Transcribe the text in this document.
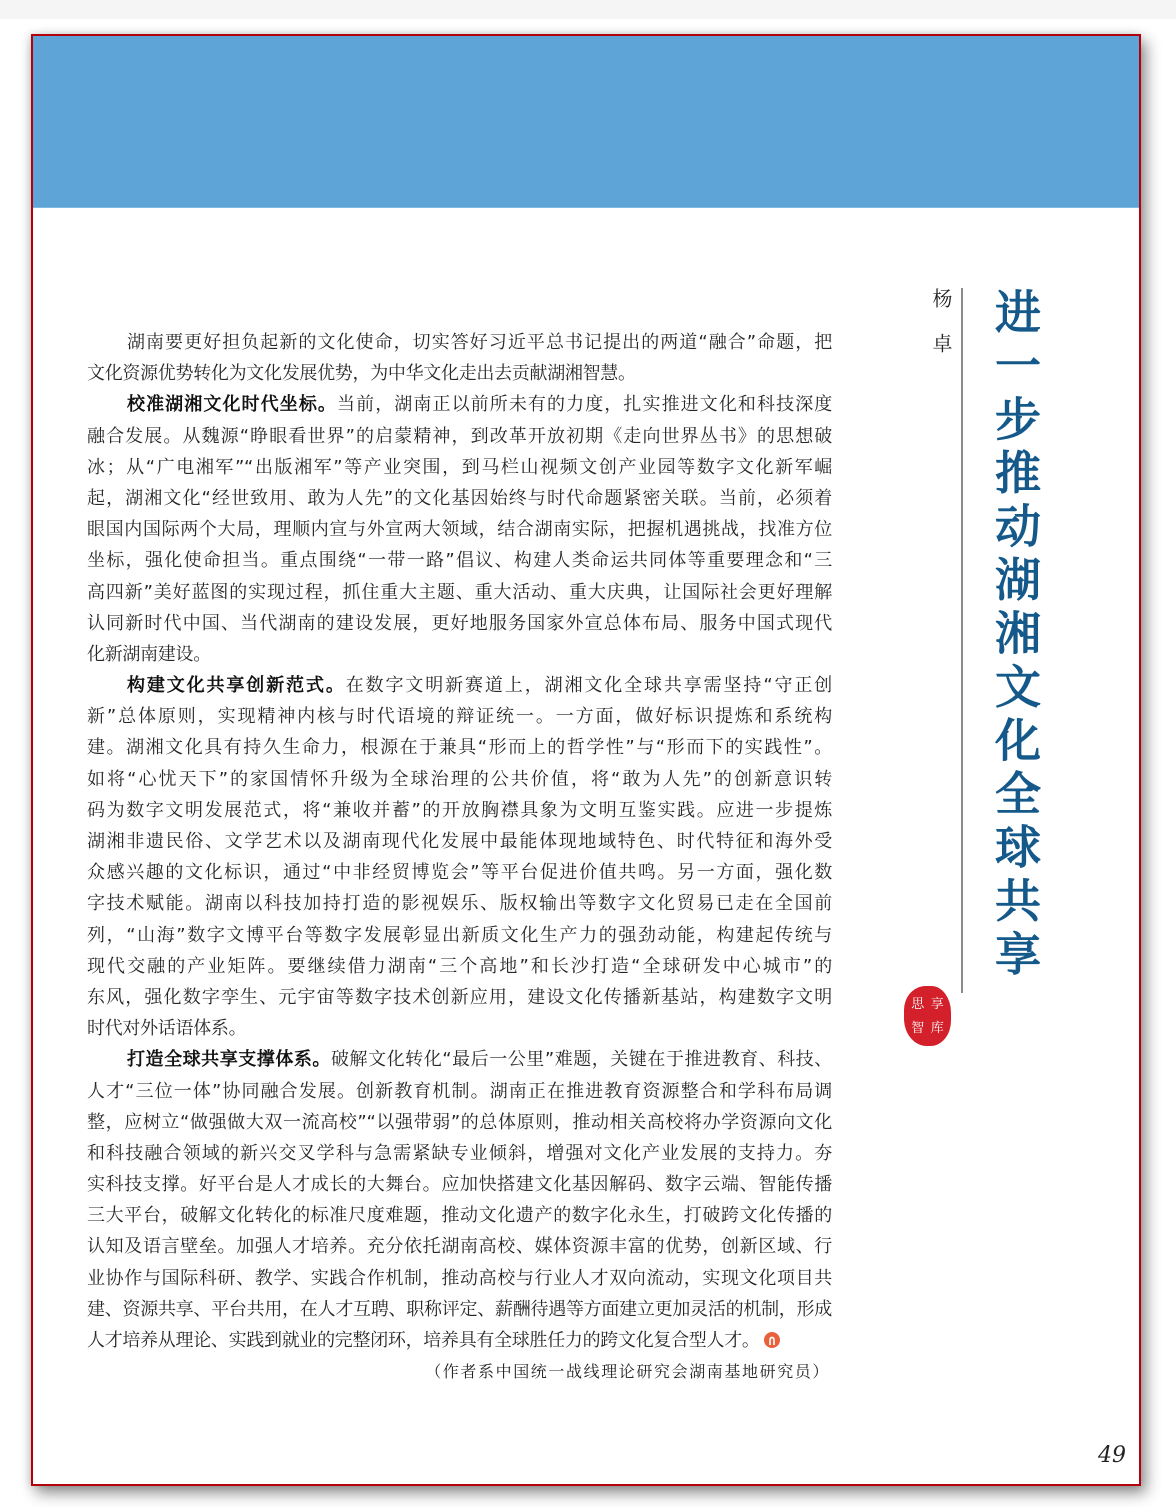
进一步推动湖湘文化全球共享
杨卓
思 享
智 库
湖南要更好担负起新的文化使命，切实答好习近平总书记提出的两道“融合”命题，把
文化资源优势转化为文化发展优势，为中华文化走出去贡献湖湘智慧。
校准湖湘文化时代坐标。当前，湖南正以前所未有的力度，扎实推进文化和科技深度
融合发展。从魏源“睁眼看世界”的启蒙精神，到改革开放初期《走向世界丛书》的思想破
冰；从“广电湘军”“出版湘军”等产业突围，到马栏山视频文创产业园等数字文化新军崛
起，湖湘文化“经世致用、敢为人先”的文化基因始终与时代命题紧密关联。当前，必须着
眼国内国际两个大局，理顺内宣与外宣两大领域，结合湖南实际，把握机遇挑战，找准方位
坐标，强化使命担当。重点围绕“一带一路”倡议、构建人类命运共同体等重要理念和“三
高四新”美好蓝图的实现过程，抓住重大主题、重大活动、重大庆典，让国际社会更好理解
认同新时代中国、当代湖南的建设发展，更好地服务国家外宣总体布局、服务中国式现代
化新湖南建设。
构建文化共享创新范式。在数字文明新赛道上，湖湘文化全球共享需坚持“守正创
新”总体原则，实现精神内核与时代语境的辩证统一。一方面，做好标识提炼和系统构
建。湖湘文化具有持久生命力，根源在于兼具“形而上的哲学性”与“形而下的实践性”。
如将“心忧天下”的家国情怀升级为全球治理的公共价值，将“敢为人先”的创新意识转
码为数字文明发展范式，将“兼收并蓄”的开放胸襟具象为文明互鉴实践。应进一步提炼
湖湘非遗民俗、文学艺术以及湖南现代化发展中最能体现地域特色、时代特征和海外受
众感兴趣的文化标识，通过“中非经贸博览会”等平台促进价值共鸣。另一方面，强化数
字技术赋能。湖南以科技加持打造的影视娱乐、版权输出等数字文化贸易已走在全国前
列，“山海”数字文博平台等数字发展彰显出新质文化生产力的强劲动能，构建起传统与
现代交融的产业矩阵。要继续借力湖南“三个高地”和长沙打造“全球研发中心城市”的
东风，强化数字孪生、元宇宙等数字技术创新应用，建设文化传播新基站，构建数字文明
时代对外话语体系。
打造全球共享支撑体系。破解文化转化“最后一公里”难题，关键在于推进教育、科技、
人才“三位一体”协同融合发展。创新教育机制。湖南正在推进教育资源整合和学科布局调
整，应树立“做强做大双一流高校”“以强带弱”的总体原则，推动相关高校将办学资源向文化
和科技融合领域的新兴交叉学科与急需紧缺专业倾斜，增强对文化产业发展的支持力。夯
实科技支撑。好平台是人才成长的大舞台。应加快搭建文化基因解码、数字云端、智能传播
三大平台，破解文化转化的标准尺度难题，推动文化遗产的数字化永生，打破跨文化传播的
认知及语言壁垒。加强人才培养。充分依托湖南高校、媒体资源丰富的优势，创新区域、行
业协作与国际科研、教学、实践合作机制，推动高校与行业人才双向流动，实现文化项目共
建、资源共享、平台共用，在人才互聘、职称评定、薪酬待遇等方面建立更加灵活的机制，形成
人才培养从理论、实践到就业的完整闭环，培养具有全球胜任力的跨文化复合型人才。
（作者系中国统一战线理论研究会湖南基地研究员）
49
